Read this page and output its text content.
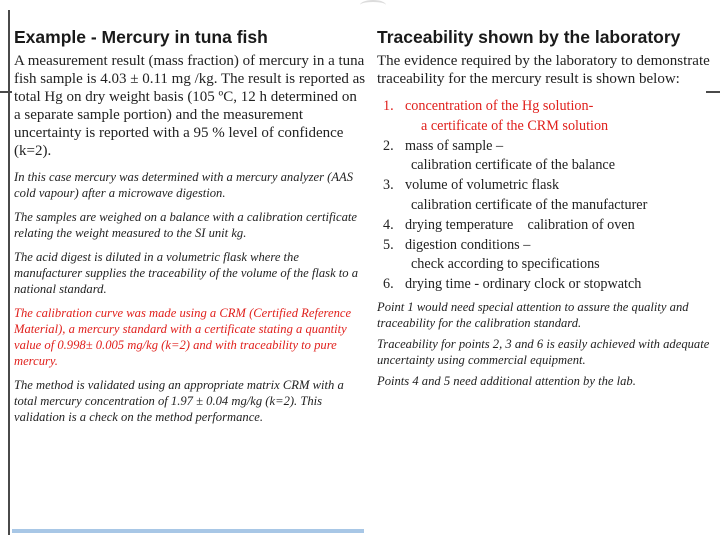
Example - Mercury in tuna fish

A measurement result (mass fraction) of mercury in a tuna fish sample is 4.03 ± 0.11 mg /kg. The result is reported as total Hg on dry weight basis (105 ºC, 12 h determined on a separate sample portion) and the measurement uncertainty is reported with a 95 % level of confidence (k=2).

In this case mercury was determined with a mercury analyzer (AAS cold vapour) after a microwave digestion.

The samples are weighed on a balance with a calibration certificate relating the weight measured to the SI unit kg.

The acid digest is diluted in a volumetric flask where the manufacturer supplies the traceability of the volume of the flask to a national standard.

The calibration curve was made using a CRM (Certified Reference Material), a mercury standard with a certificate stating a quantity value of 0.998± 0.005 mg/kg (k=2) and with traceability to pure mercury.

The method is validated using an appropriate matrix CRM with a total mercury concentration of 1.97 ± 0.04 mg/kg (k=2). This validation is a check on the method performance.

Traceability shown by the laboratory

The evidence required by the laboratory to demonstrate traceability for the mercury result is shown below:

1. concentration of the Hg solution-
a certificate of the CRM solution
2. mass of sample –
calibration certificate of the balance
3. volume of volumetric flask
calibration certificate of the manufacturer
4. drying temperature    calibration of oven
5. digestion conditions –
check according to specifications
6. drying time - ordinary clock or stopwatch

Point 1 would need special attention to assure the quality and traceability for the calibration standard.

Traceability for points 2, 3 and 6 is easily achieved with adequate uncertainty using commercial equipment.

Points 4 and 5 need additional attention by the lab.
